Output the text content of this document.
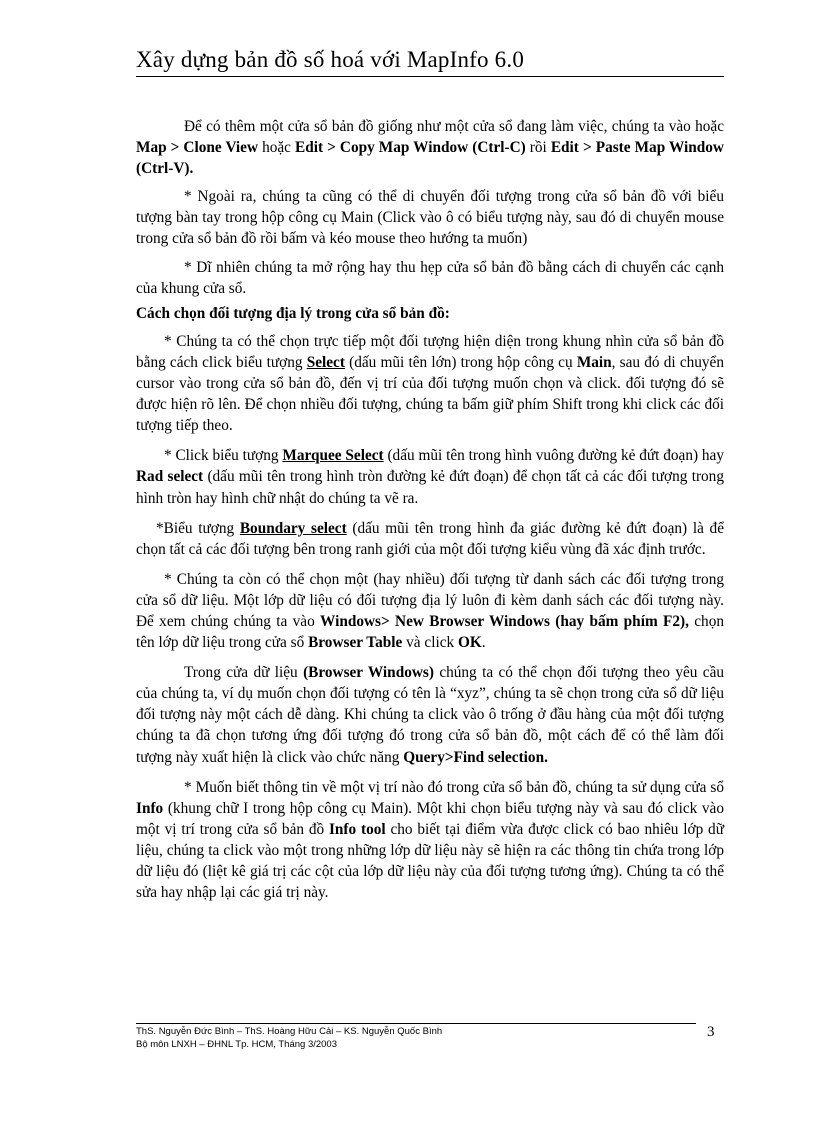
Xây dựng bản đồ số hoá với MapInfo 6.0

Để có thêm một cửa sổ bản đồ giống như một cửa sổ đang làm việc, chúng ta vào hoặc Map > Clone View hoặc Edit > Copy Map Window (Ctrl-C) rồi Edit > Paste Map Window (Ctrl-V).

* Ngoài ra, chúng ta cũng có thể di chuyển đối tượng trong cửa sổ bản đồ với biểu tượng bàn tay trong hộp công cụ Main (Click vào ô có biểu tượng này, sau đó di chuyển mouse trong cửa sổ bản đồ rồi bấm và kéo mouse theo hướng ta muốn)

* Dĩ nhiên chúng ta mở rộng hay thu hẹp cửa sổ bản đồ bằng cách di chuyển các cạnh của khung cửa sổ.

Cách chọn đối tượng địa lý trong cửa sổ bản đồ:

* Chúng ta có thể chọn trực tiếp một đối tượng hiện diện trong khung nhìn cửa sổ bản đồ bằng cách click biểu tượng Select (dấu mũi tên lớn) trong hộp công cụ Main, sau đó di chuyển cursor vào trong cửa sổ bản đồ, đến vị trí của đối tượng muốn chọn và click. đối tượng đó sẽ được hiện rõ lên. Để chọn nhiều đối tượng, chúng ta bấm giữ phím Shift trong khi click các đối tượng tiếp theo.

* Click biểu tượng Marquee Select (dấu mũi tên trong hình vuông đường kẻ đứt đoạn) hay Rad select (dấu mũi tên trong hình tròn đường kẻ đứt đoạn) để chọn tất cả các đối tượng trong hình tròn hay hình chữ nhật do chúng ta vẽ ra.

*Biểu tượng Boundary select (dấu mũi tên trong hình đa giác đường kẻ đứt đoạn) là để chọn tất cả các đối tượng bên trong ranh giới của một đối tượng kiểu vùng đã xác định trước.

* Chúng ta còn có thể chọn một (hay nhiều) đối tượng từ danh sách các đối tượng trong cửa sổ dữ liệu. Một lớp dữ liệu có đối tượng địa lý luôn đi kèm danh sách các đối tượng này. Để xem chúng chúng ta vào Windows> New Browser Windows (hay bấm phím F2), chọn tên lớp dữ liệu trong cửa sổ Browser Table và click OK.

Trong cửa dữ liệu (Browser Windows) chúng ta có thể chọn đối tượng theo yêu cầu của chúng ta, ví dụ muốn chọn đối tượng có tên là “xyz”, chúng ta sẽ chọn trong cửa sổ dữ liệu đối tượng này một cách dễ dàng. Khi chúng ta click vào ô trống ở đầu hàng của một đối tượng chúng ta đã chọn tương ứng đối tượng đó trong cửa sổ bản đồ, một cách để có thể làm đối tượng này xuất hiện là click vào chức năng Query>Find selection.

* Muốn biết thông tin về một vị trí nào đó trong cửa sổ bản đồ, chúng ta sử dụng cửa sổ Info (khung chữ I trong hộp công cụ Main). Một khi chọn biểu tượng này và sau đó click vào một vị trí trong cửa sổ bản đồ Info tool cho biết tại điểm vừa được click có bao nhiêu lớp dữ liệu, chúng ta click vào một trong những lớp dữ liệu này sẽ hiện ra các thông tin chứa trong lớp dữ liệu đó (liệt kê giá trị các cột của lớp dữ liệu này của đối tượng tương ứng). Chúng ta có thể sửa hay nhập lại các giá trị này.

ThS. Nguyễn Đức Bình – ThS. Hoàng Hữu Cải – KS. Nguyễn Quốc Bình
Bộ môn LNXH – ĐHNL Tp. HCM, Tháng 3/2003
3
